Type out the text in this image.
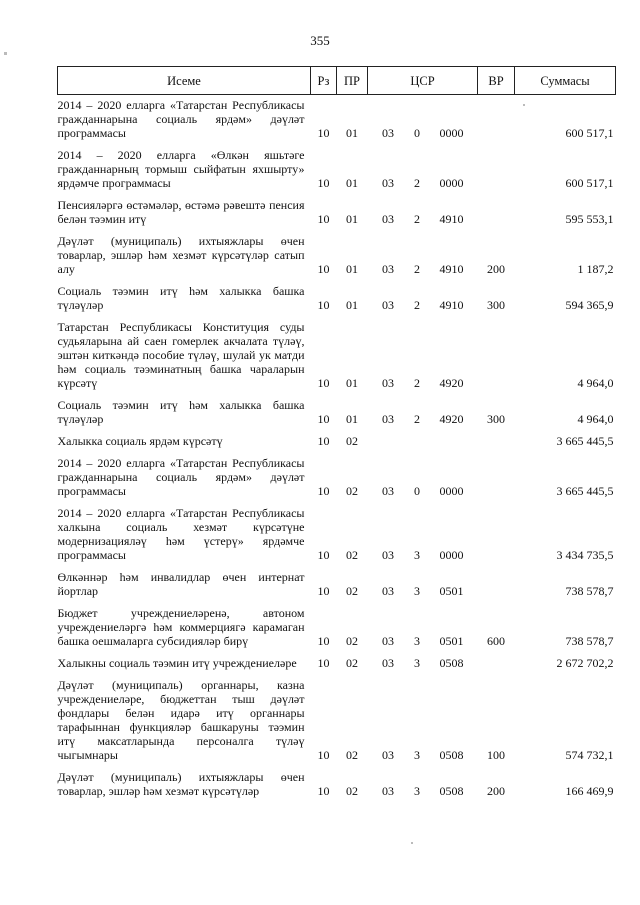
355
Исеме	Рз	ПР	ЦСР			ВР	Суммасы
2014 – 2020 елларга «Татарстан Республикасы гражданнарына социаль ярдәм» дәүләт программасы	10	01	03	0	0000		600 517,1
2014 – 2020 елларга «Өлкән яшьтәге гражданнарның тормыш сыйфатын яхшырту» ярдәмче программасы	10	01	03	2	0000		600 517,1
Пенсияләргә өстәмәләр, өстәмә рәвештә пенсия белән тәэмин итү	10	01	03	2	4910		595 553,1
Дәүләт (муниципаль) ихтыяжлары өчен товарлар, эшләр һәм хезмәт күрсәтүләр сатып алу	10	01	03	2	4910	200	1 187,2
Социаль тәэмин итү һәм халыкка башка түләүләр	10	01	03	2	4910	300	594 365,9
Татарстан Республикасы Конституция суды судьяларына ай саен гомерлек акчалата түләү, эштән киткәндә пособие түләү, шулай ук матди һәм социаль тәэминатның башка чараларын күрсәтү	10	01	03	2	4920		4 964,0
Социаль тәэмин итү һәм халыкка башка түләүләр	10	01	03	2	4920	300	4 964,0
Халыкка социаль ярдәм күрсәтү	10	02					3 665 445,5
2014 – 2020 елларга «Татарстан Республикасы гражданнарына социаль ярдәм» дәүләт программасы	10	02	03	0	0000		3 665 445,5
2014 – 2020 елларга «Татарстан Республикасы халкына социаль хезмәт күрсәтүне модернизацияләү һәм үстерү» ярдәмче программасы	10	02	03	3	0000		3 434 735,5
Өлкәннәр һәм инвалидлар өчен интернат йортлар	10	02	03	3	0501		738 578,7
Бюджет учреждениеләренә, автоном учреждениеләргә һәм коммерциягә карамаган башка оешмаларга субсидияләр бирү	10	02	03	3	0501	600	738 578,7
Халыкны социаль тәэмин итү учреждениеләре	10	02	03	3	0508		2 672 702,2
Дәүләт (муниципаль) органнары, казна учреждениеләре, бюджеттан тыш дәүләт фондлары белән идарә итү органнары тарафыннан функцияләр башкаруны тәэмин итү максатларында персоналга түләү чыгымнары	10	02	03	3	0508	100	574 732,1
Дәүләт (муниципаль) ихтыяжлары өчен товарлар, эшләр һәм хезмәт күрсәтүләр	10	02	03	3	0508	200	166 469,9
